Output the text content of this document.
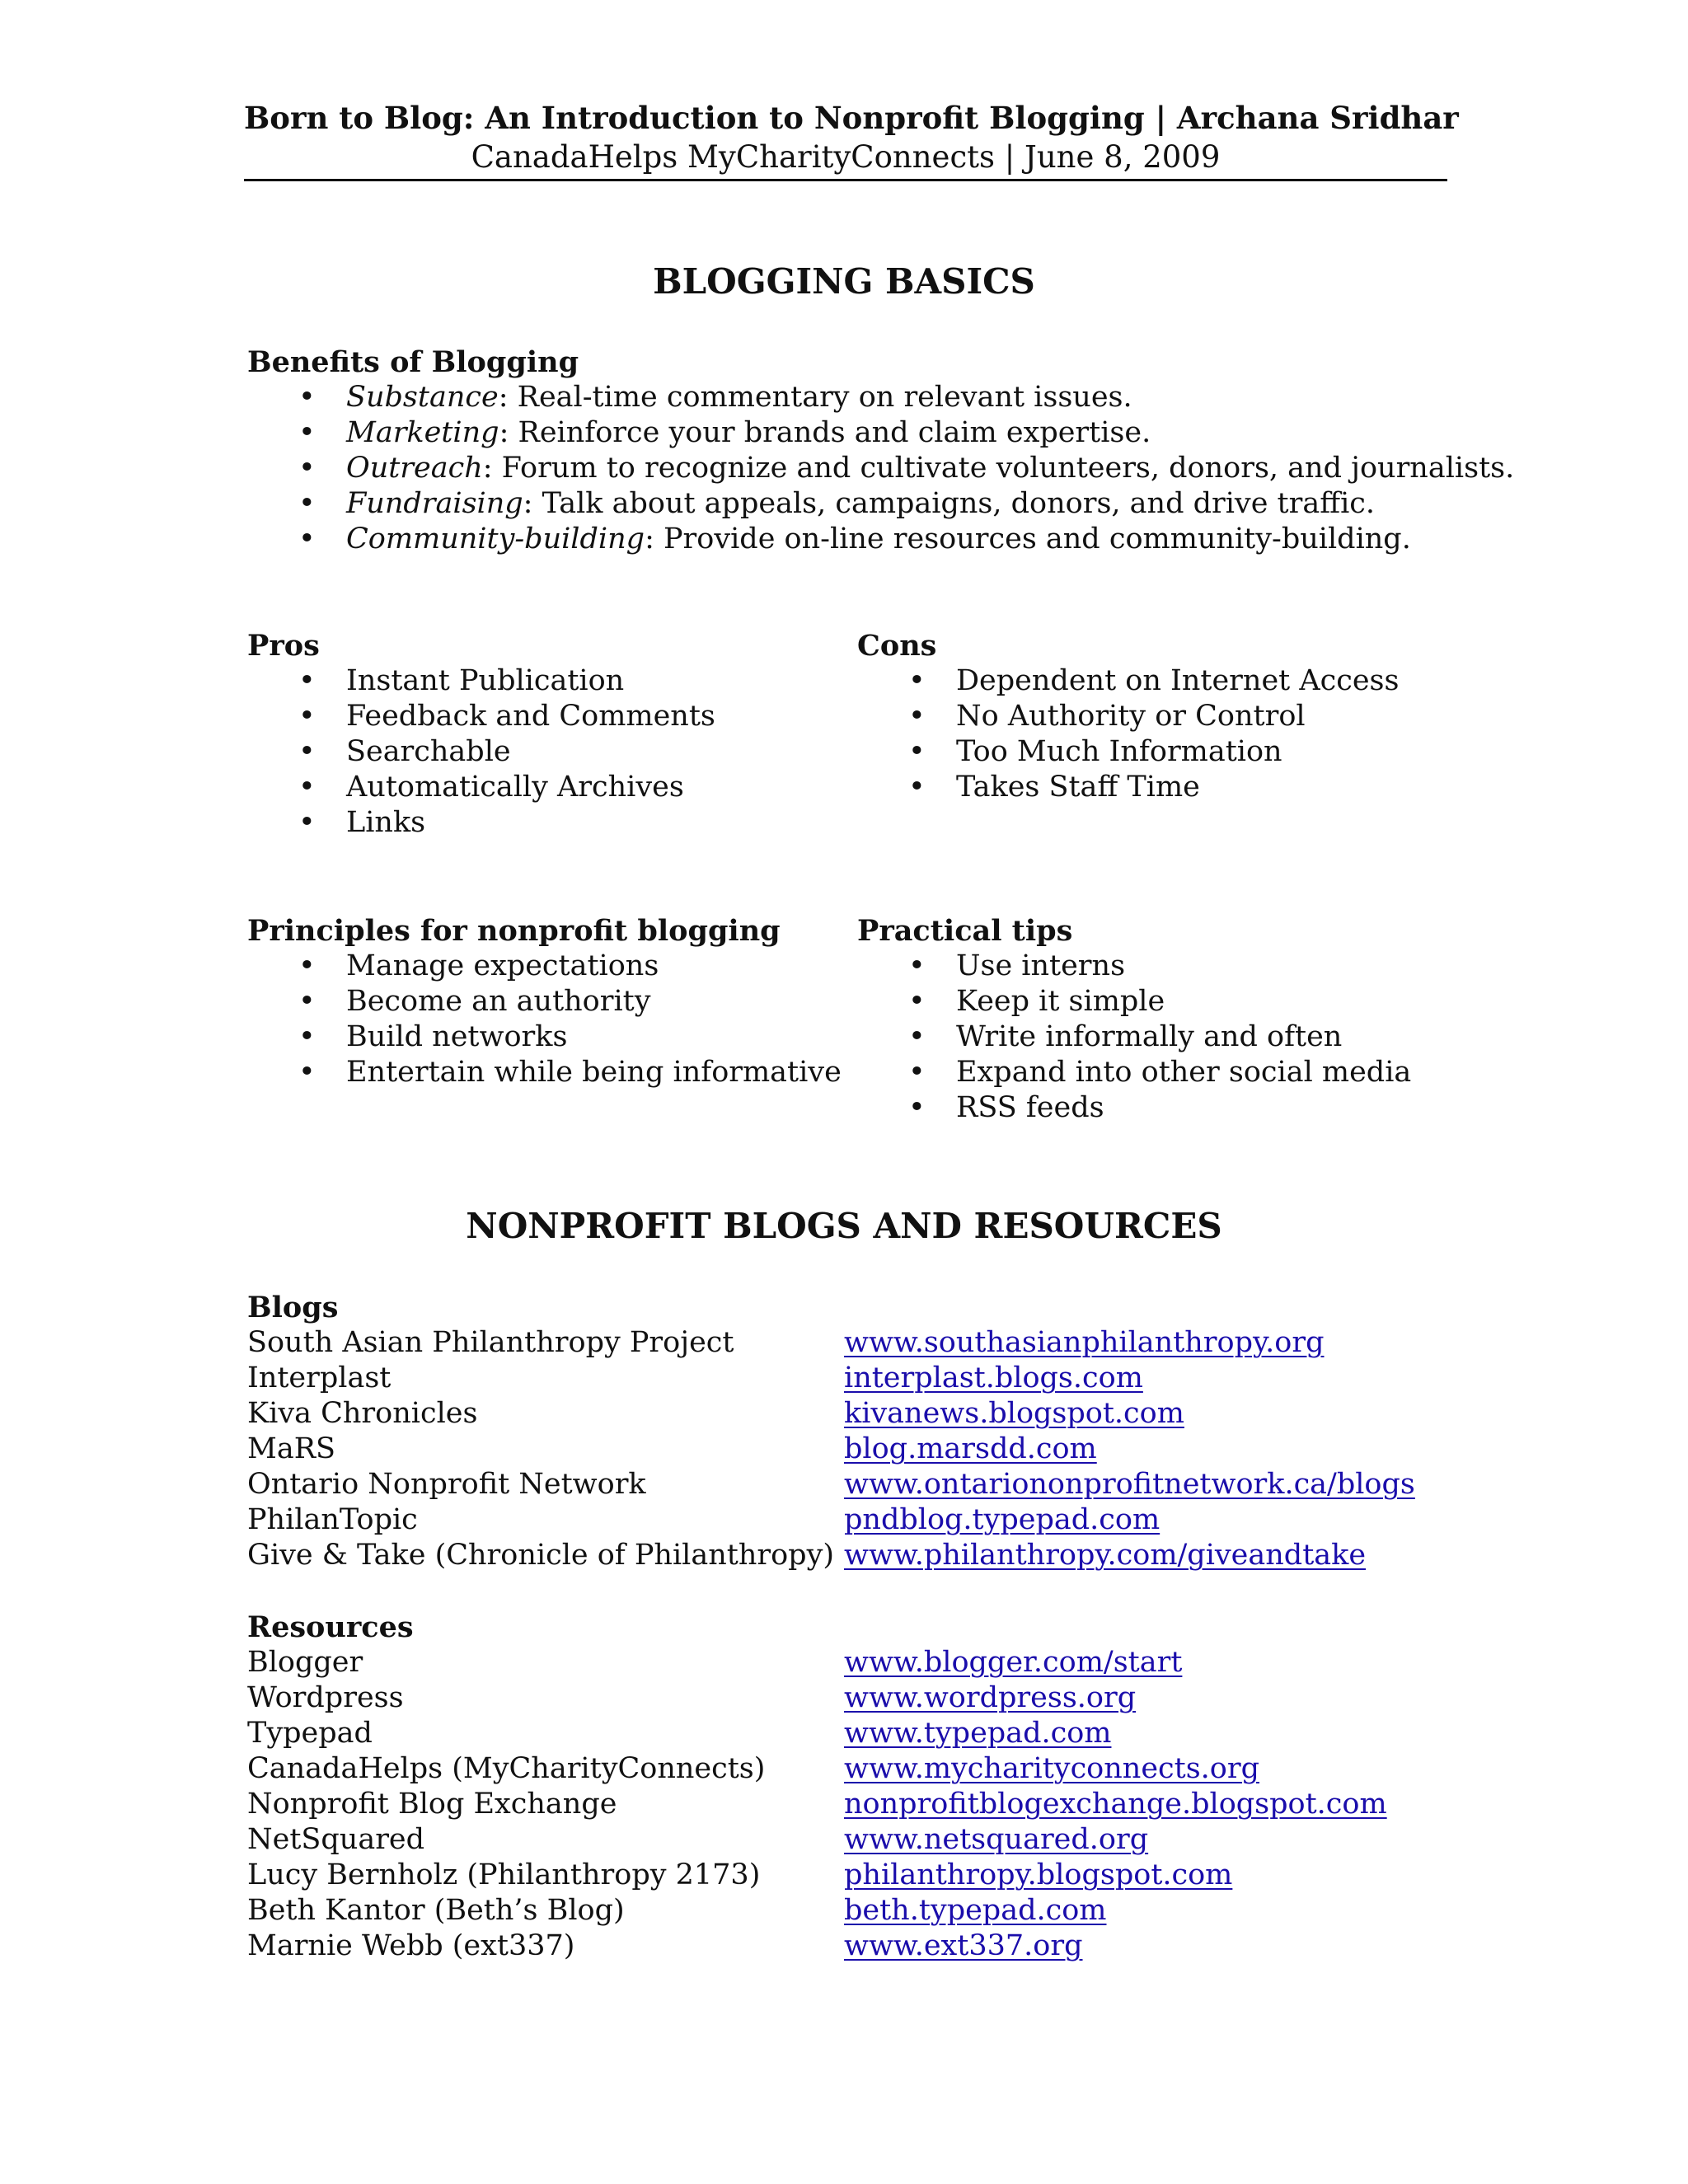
Born to Blog: An Introduction to Nonprofit Blogging | Archana Sridhar
CanadaHelps MyCharityConnects | June 8, 2009
BLOGGING BASICS
Benefits of Blogging
• Substance: Real-time commentary on relevant issues.
• Marketing: Reinforce your brands and claim expertise.
• Outreach: Forum to recognize and cultivate volunteers, donors, and journalists.
• Fundraising: Talk about appeals, campaigns, donors, and drive traffic.
• Community-building: Provide on-line resources and community-building.
Pros
• Instant Publication
• Feedback and Comments
• Searchable
• Automatically Archives
• Links
Cons
• Dependent on Internet Access
• No Authority or Control
• Too Much Information
• Takes Staff Time
Principles for nonprofit blogging
• Manage expectations
• Become an authority
• Build networks
• Entertain while being informative
Practical tips
• Use interns
• Keep it simple
• Write informally and often
• Expand into other social media
• RSS feeds
NONPROFIT BLOGS AND RESOURCES
Blogs
South Asian Philanthropy Project	www.southasianphilanthropy.org
Interplast	interplast.blogs.com
Kiva Chronicles	kivanews.blogspot.com
MaRS	blog.marsdd.com
Ontario Nonprofit Network	www.ontariononprofitnetwork.ca/blogs
PhilanTopic	pndblog.typepad.com
Give & Take (Chronicle of Philanthropy) www.philanthropy.com/giveandtake
Resources
Blogger	www.blogger.com/start
Wordpress	www.wordpress.org
Typepad	www.typepad.com
CanadaHelps (MyCharityConnects)	www.mycharityconnects.org
Nonprofit Blog Exchange	nonprofitblogexchange.blogspot.com
NetSquared	www.netsquared.org
Lucy Bernholz (Philanthropy 2173)	philanthropy.blogspot.com
Beth Kantor (Beth’s Blog)	beth.typepad.com
Marnie Webb (ext337)	www.ext337.org
